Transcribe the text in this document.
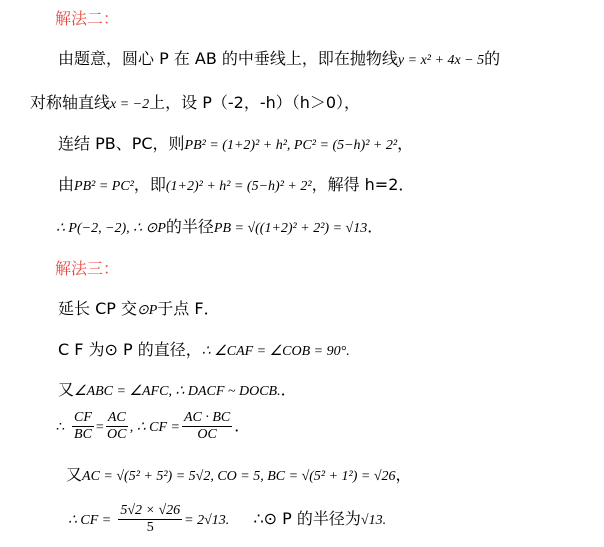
解法二：
由题意，圆心 P 在 AB 的中垂线上，即在抛物线y = x² + 4x − 5的
对称轴直线x = −2上，设 P（-2，-h）（h＞0），
连结 PB、PC，则PB² = (1+2)² + h², PC² = (5−h)² + 2²，
由PB² = PC²，即(1+2)² + h² = (5−h)² + 2²，解得 h=2．
∴ P(−2, −2), ∴ ⊙P的半径PB = √((1+2)² + 2²) = √13．
解法三：
延长 CP 交⊙P于点 F．
C F 为⊙ P 的直径，∴ ∠CAF = ∠COB = 90°.
又∠ABC = ∠AFC, ∴ DACF ~ DOCB.．
∴ $\frac{CF}{BC} = \frac{AC}{OC}$ , ∴ CF = $\frac{AC \cdot BC}{OC}$ ．
又AC = √(5² + 5²) = 5√2, CO = 5, BC = √(5² + 1²) = √26，
∴ CF = $\frac{5√2 \times √26}{5} = 2√13$. ∴⊙ P 的半径为√13.
